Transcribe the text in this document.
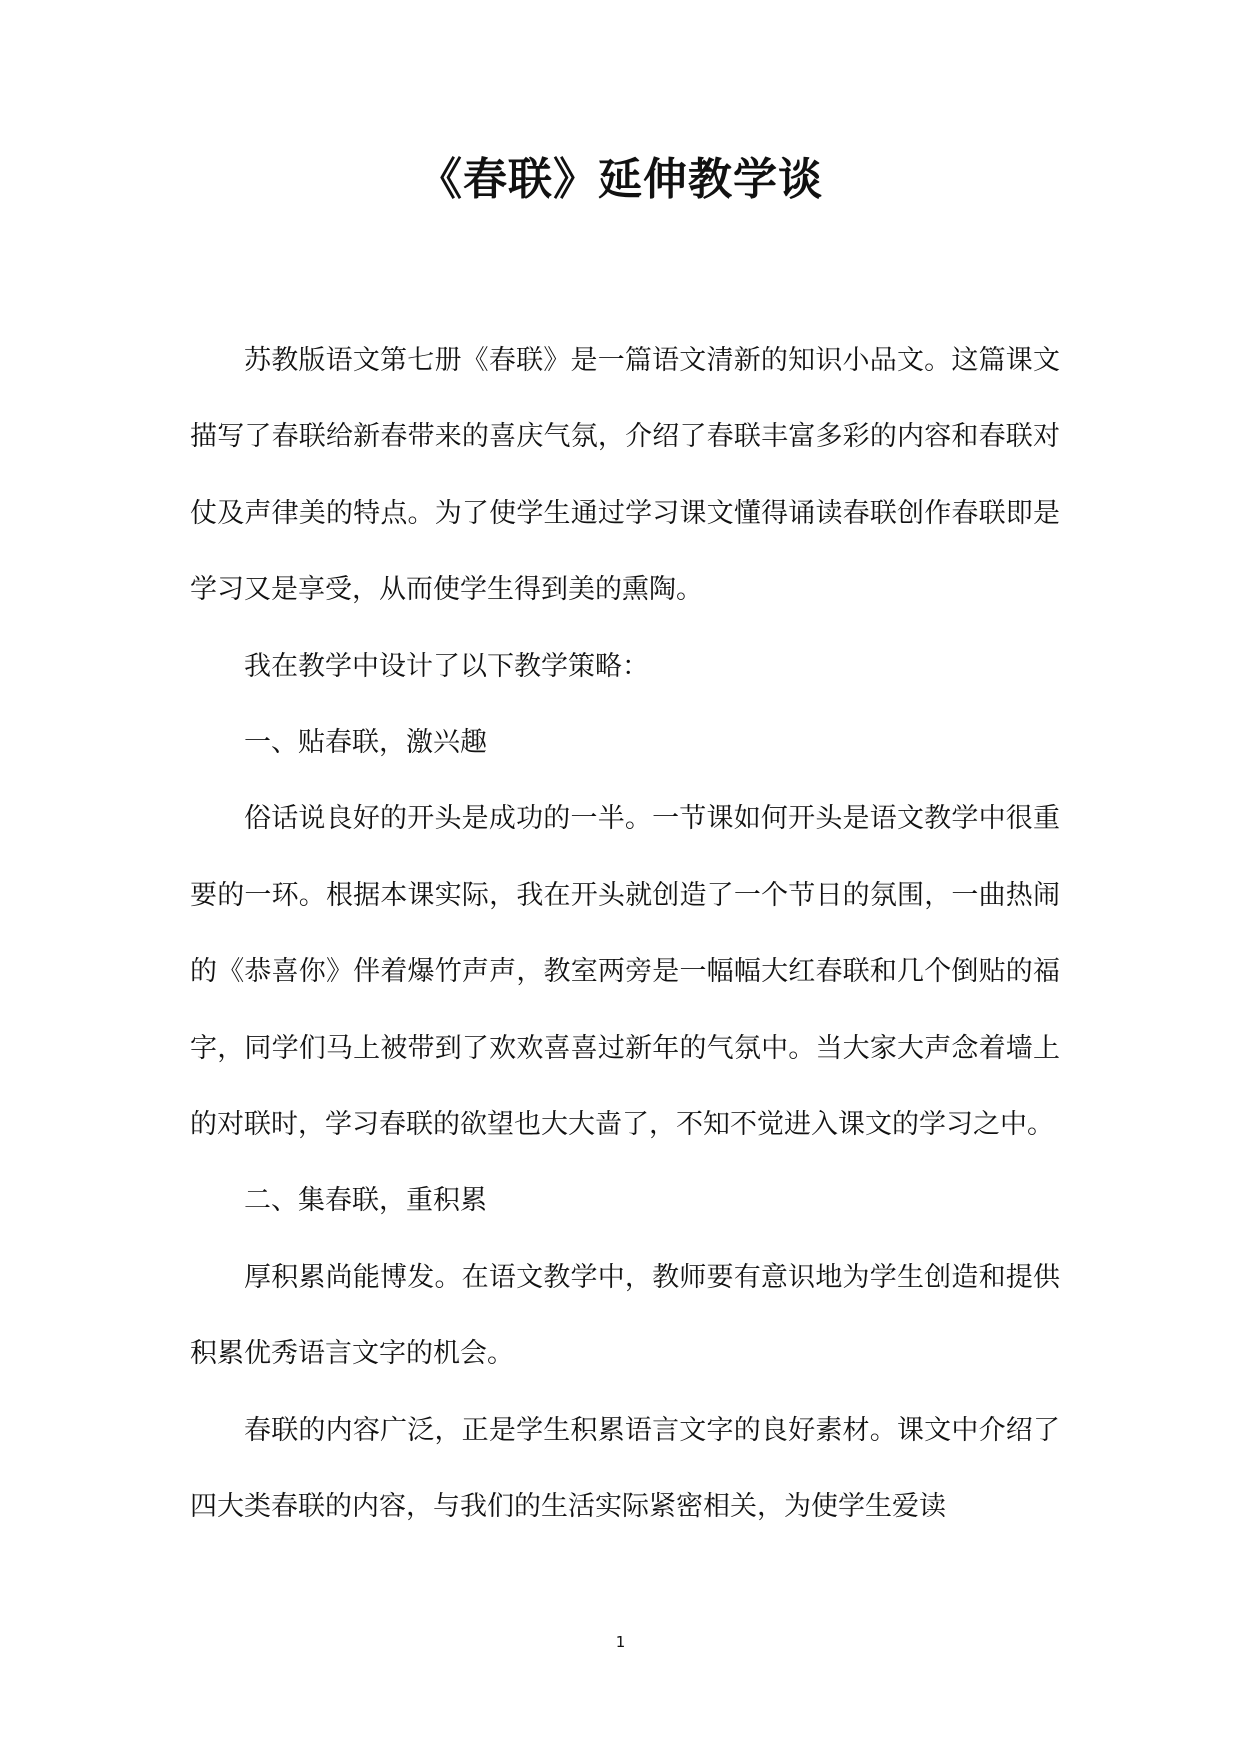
《春联》延伸教学谈

苏教版语文第七册《春联》是一篇语文清新的知识小品文。这篇课文描写了春联给新春带来的喜庆气氛，介绍了春联丰富多彩的内容和春联对仗及声律美的特点。为了使学生通过学习课文懂得诵读春联创作春联即是学习又是享受，从而使学生得到美的熏陶。

我在教学中设计了以下教学策略：

一、贴春联，激兴趣

俗话说良好的开头是成功的一半。一节课如何开头是语文教学中很重要的一环。根据本课实际，我在开头就创造了一个节日的氛围，一曲热闹的《恭喜你》伴着爆竹声声，教室两旁是一幅幅大红春联和几个倒贴的福字，同学们马上被带到了欢欢喜喜过新年的气氛中。当大家大声念着墙上的对联时，学习春联的欲望也大大啬了，不知不觉进入课文的学习之中。

二、集春联，重积累

厚积累尚能博发。在语文教学中，教师要有意识地为学生创造和提供积累优秀语言文字的机会。

春联的内容广泛，正是学生积累语言文字的良好素材。课文中介绍了四大类春联的内容，与我们的生活实际紧密相关，为使学生爱读

1
